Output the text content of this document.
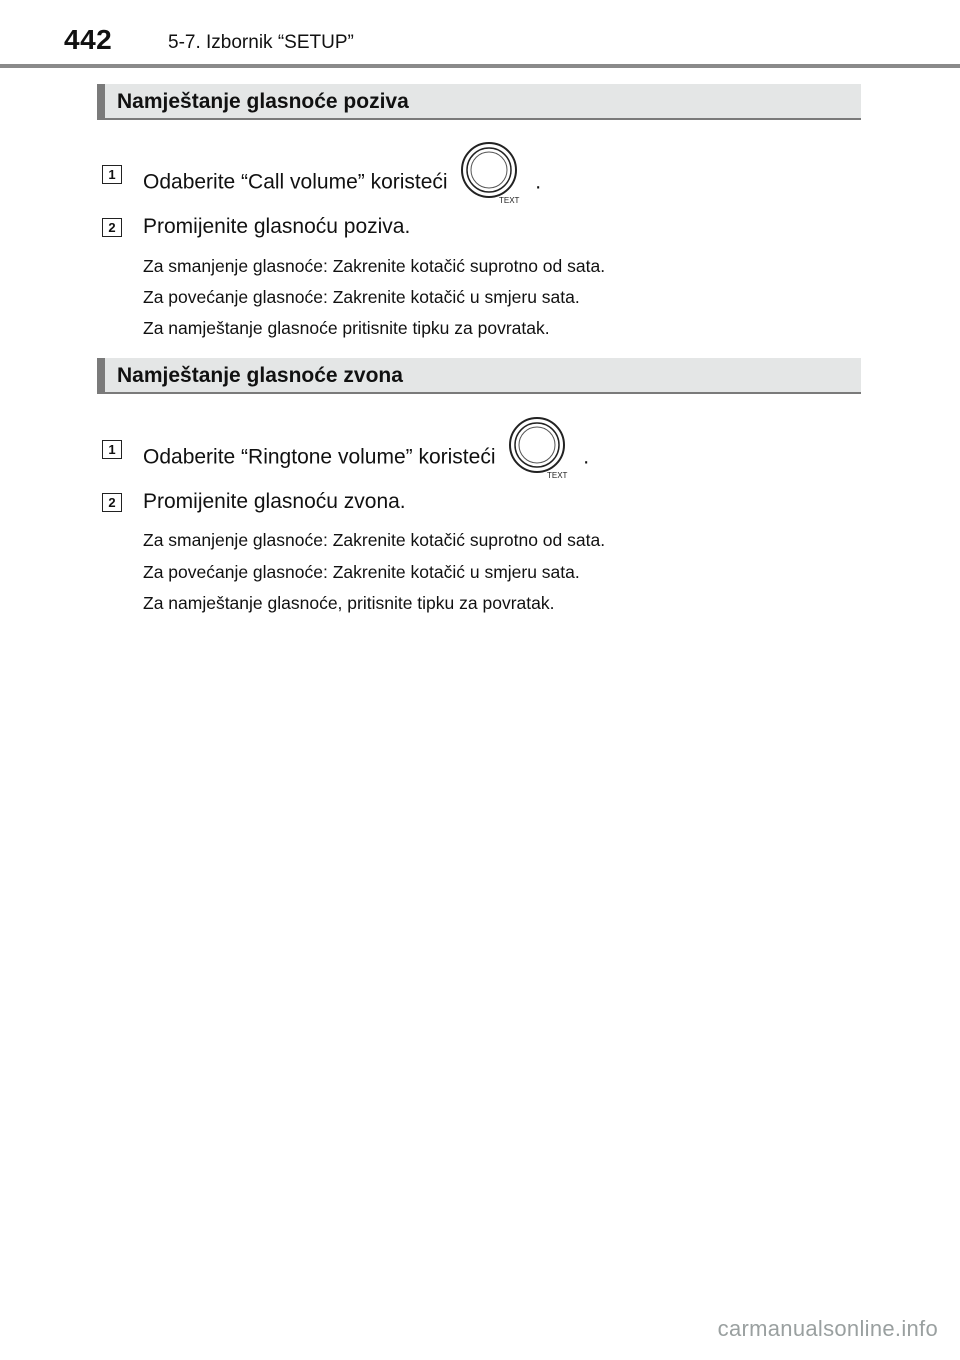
442	5-7. Izbornik “SETUP”
Namještanje glasnoće poziva
1	Odaberite “Call volume” koristeći
TEXT
.
2	Promijenite glasnoću poziva.
Za smanjenje glasnoće: Zakrenite kotačić suprotno od sata.
Za povećanje glasnoće: Zakrenite kotačić u smjeru sata.
Za namještanje glasnoće pritisnite tipku za povratak.
Namještanje glasnoće zvona
1	Odaberite “Ringtone volume” koristeći
TEXT
.
2	Promijenite glasnoću zvona.
Za smanjenje glasnoće: Zakrenite kotačić suprotno od sata.
Za povećanje glasnoće: Zakrenite kotačić u smjeru sata.
Za namještanje glasnoće, pritisnite tipku za povratak.
carmanualsonline.info
